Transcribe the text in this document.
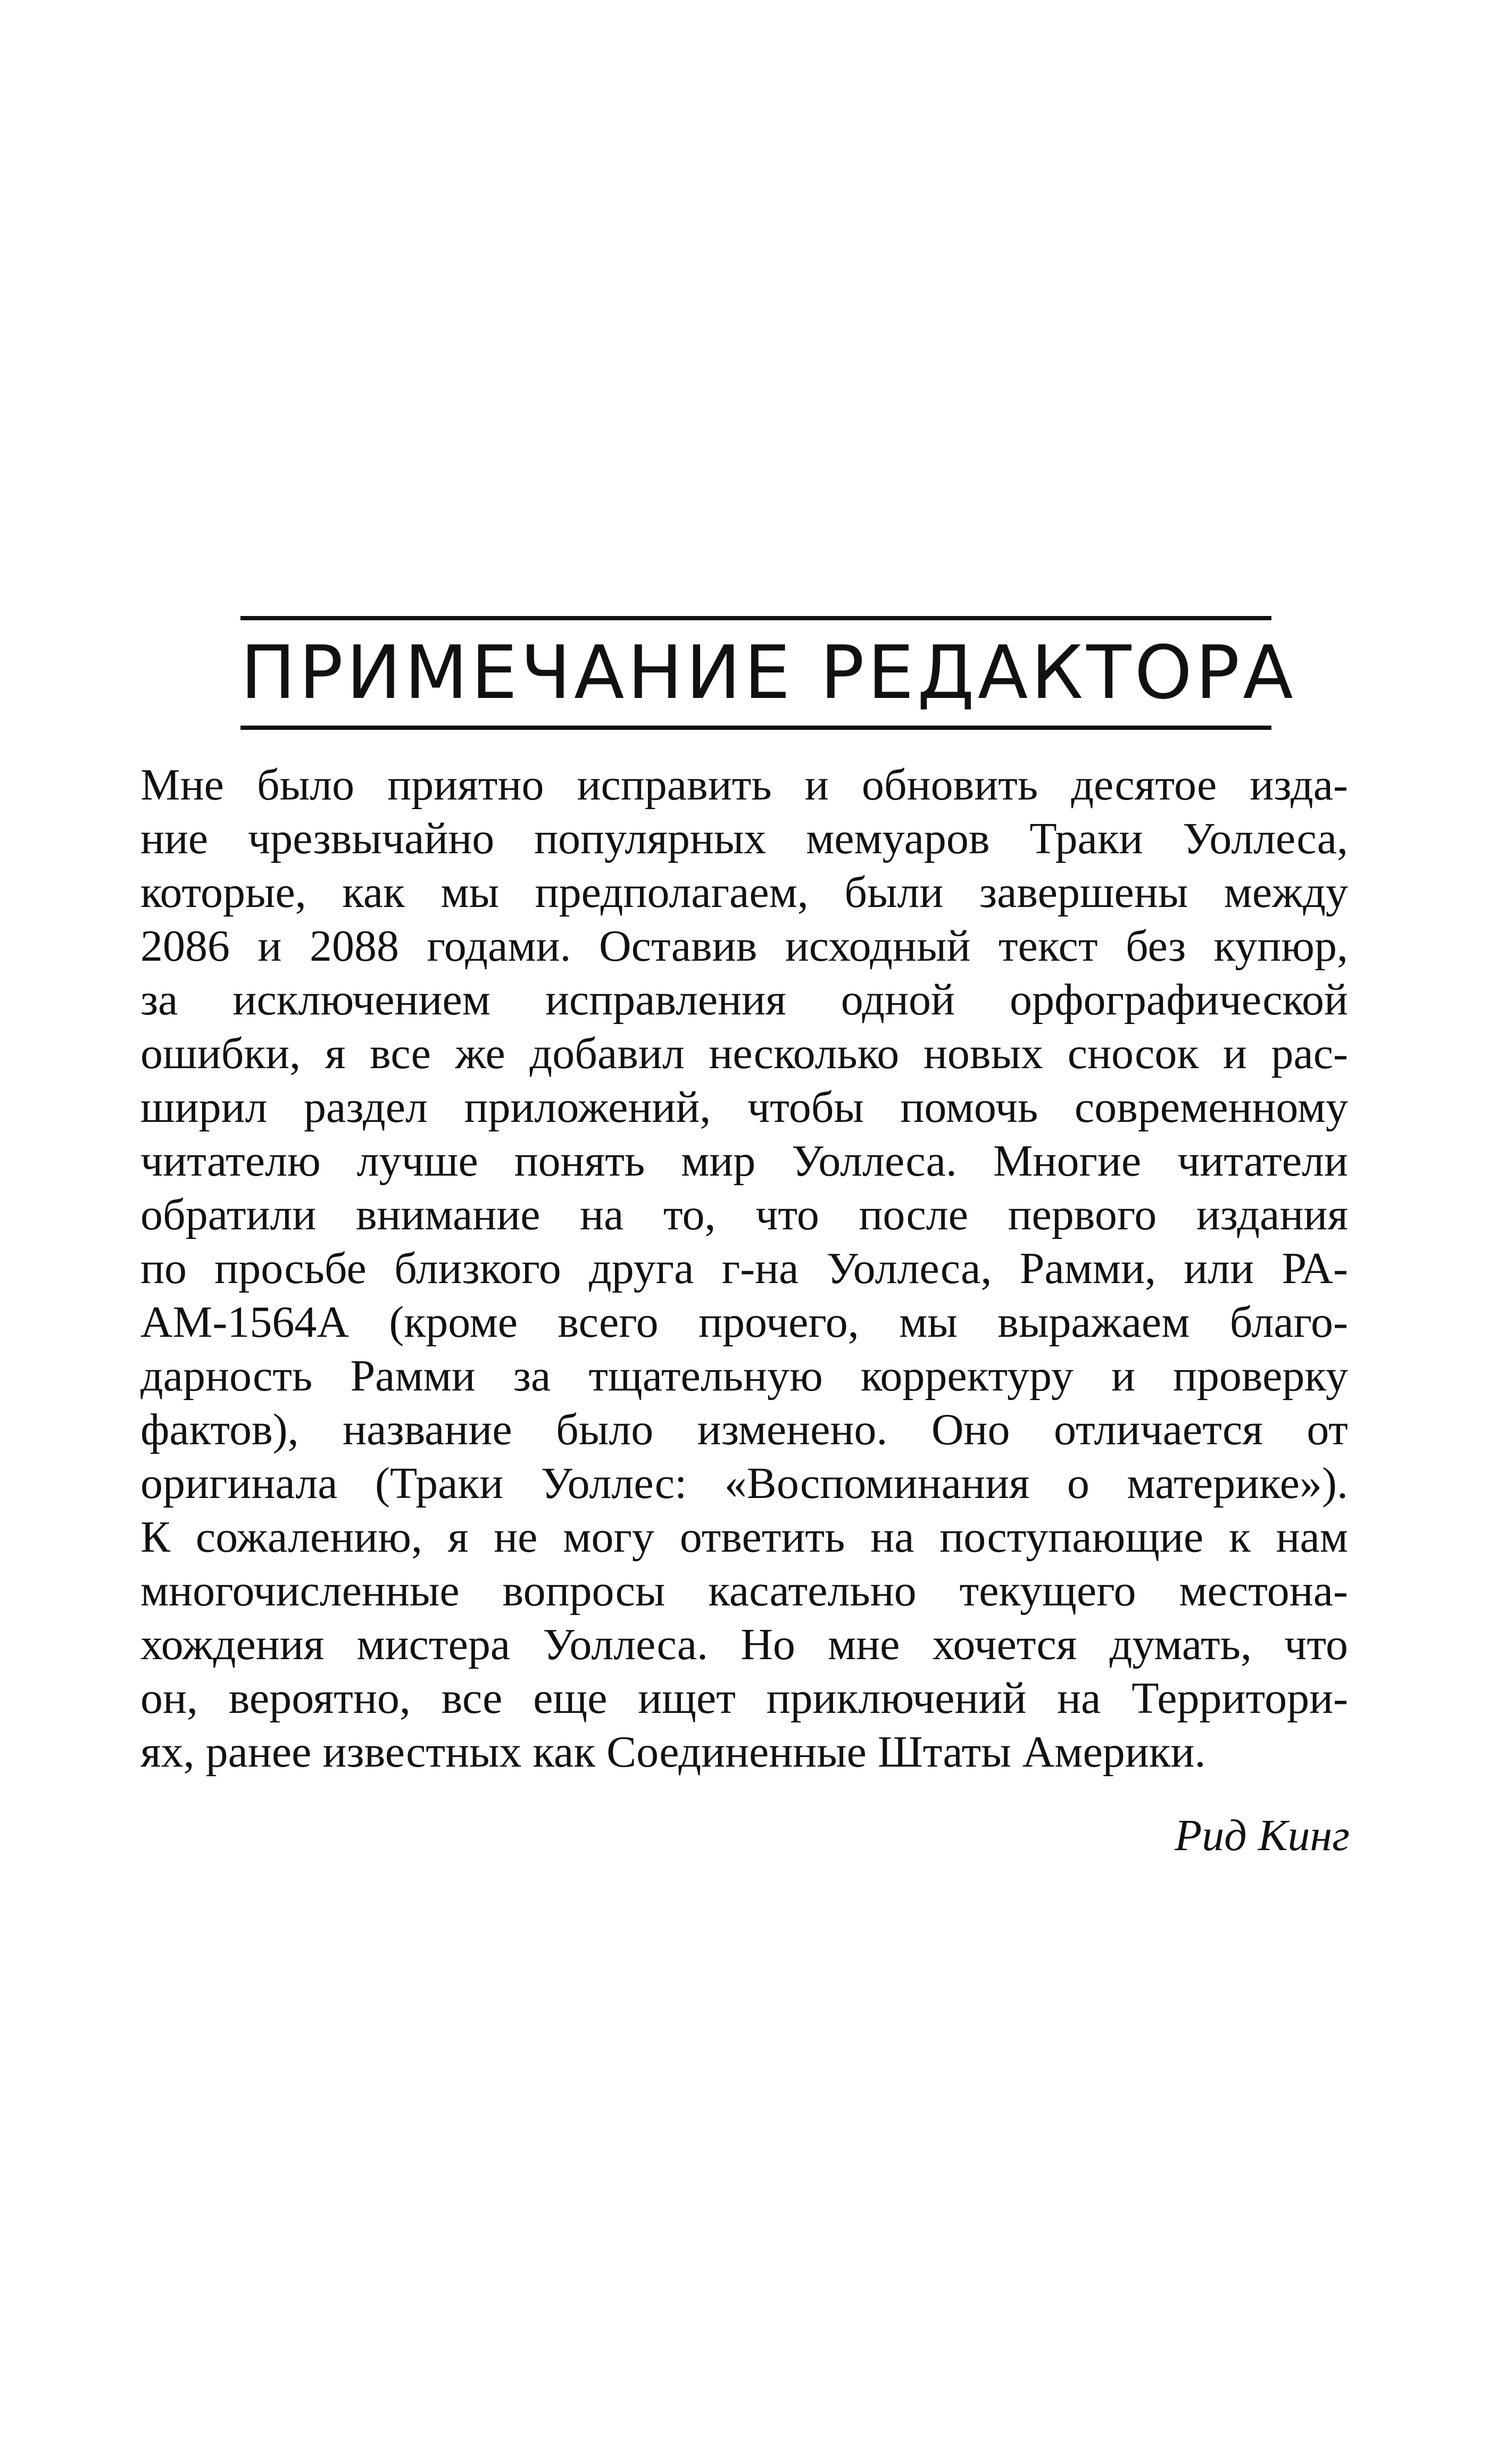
ПРИМЕЧАНИЕ РЕДАКТОРА
Мне было приятно исправить и обновить десятое изда-
ние чрезвычайно популярных мемуаров Траки Уоллеса,
которые, как мы предполагаем, были завершены между
2086 и 2088 годами. Оставив исходный текст без купюр,
за исключением исправления одной орфографической
ошибки, я все же добавил несколько новых сносок и рас-
ширил раздел приложений, чтобы помочь современному
читателю лучше понять мир Уоллеса. Многие читатели
обратили внимание на то, что после первого издания
по просьбе близкого друга г-на Уоллеса, Рамми, или РА-
АМ-1564А (кроме всего прочего, мы выражаем благо-
дарность Рамми за тщательную корректуру и проверку
фактов), название было изменено. Оно отличается от
оригинала (Траки Уоллес: «Воспоминания о материке»).
К сожалению, я не могу ответить на поступающие к нам
многочисленные вопросы касательно текущего местона-
хождения мистера Уоллеса. Но мне хочется думать, что
он, вероятно, все еще ищет приключений на Территори-
ях, ранее известных как Соединенные Штаты Америки.
Рид Кинг
